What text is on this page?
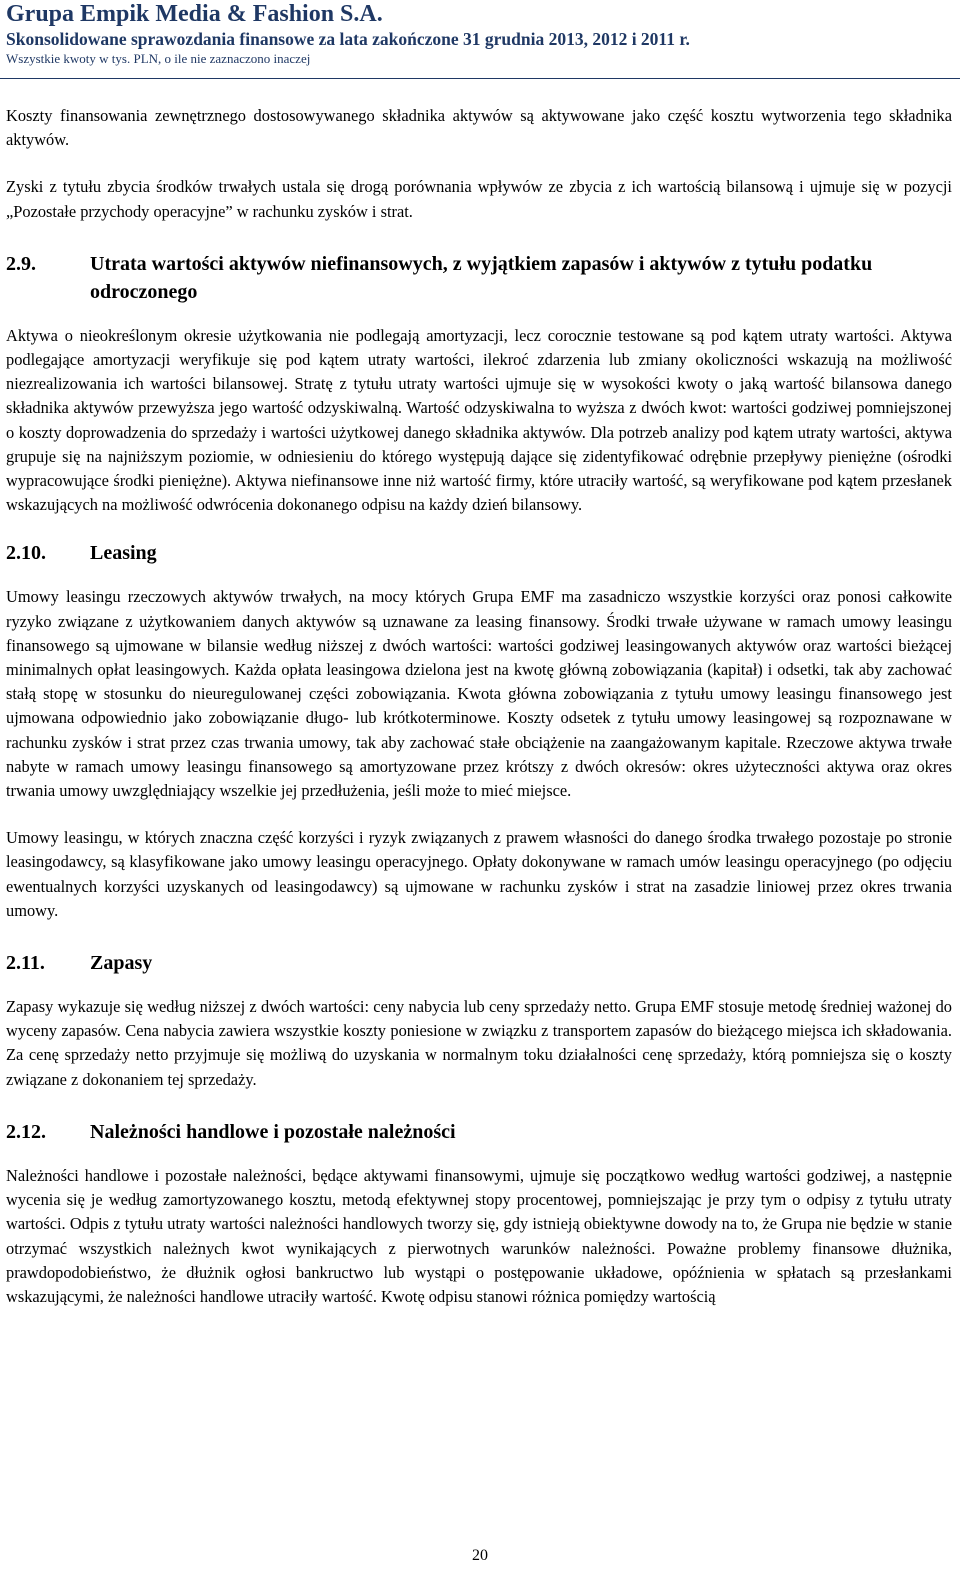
Grupa Empik Media & Fashion S.A.
Skonsolidowane sprawozdania finansowe za lata zakończone 31 grudnia 2013, 2012 i 2011 r.
Wszystkie kwoty w tys. PLN, o ile nie zaznaczono inaczej

Koszty finansowania zewnętrznego dostosowywanego składnika aktywów są aktywowane jako część kosztu wytworzenia tego składnika aktywów.

Zyski z tytułu zbycia środków trwałych ustala się drogą porównania wpływów ze zbycia z ich wartością bilansową i ujmuje się w pozycji „Pozostałe przychody operacyjne” w rachunku zysków i strat.

2.9.	Utrata wartości aktywów niefinansowych, z wyjątkiem zapasów i aktywów z tytułu podatku odroczonego

Aktywa o nieokreślonym okresie użytkowania nie podlegają amortyzacji, lecz corocznie testowane są pod kątem utraty wartości. Aktywa podlegające amortyzacji weryfikuje się pod kątem utraty wartości, ilekroć zdarzenia lub zmiany okoliczności wskazują na możliwość niezrealizowania ich wartości bilansowej. Stratę z tytułu utraty wartości ujmuje się w wysokości kwoty o jaką wartość bilansowa danego składnika aktywów przewyższa jego wartość odzyskiwalną. Wartość odzyskiwalna to wyższa z dwóch kwot: wartości godziwej pomniejszonej o koszty doprowadzenia do sprzedaży i wartości użytkowej danego składnika aktywów. Dla potrzeb analizy pod kątem utraty wartości, aktywa grupuje się na najniższym poziomie, w odniesieniu do którego występują dające się zidentyfikować odrębnie przepływy pieniężne (ośrodki wypracowujące środki pieniężne). Aktywa niefinansowe inne niż wartość firmy, które utraciły wartość, są weryfikowane pod kątem przesłanek wskazujących na możliwość odwrócenia dokonanego odpisu na każdy dzień bilansowy.

2.10.	Leasing

Umowy leasingu rzeczowych aktywów trwałych, na mocy których Grupa EMF ma zasadniczo wszystkie korzyści oraz ponosi całkowite ryzyko związane z użytkowaniem danych aktywów są uznawane za leasing finansowy. Środki trwałe używane w ramach umowy leasingu finansowego są ujmowane w bilansie według niższej z dwóch wartości: wartości godziwej leasingowanych aktywów oraz wartości bieżącej minimalnych opłat leasingowych. Każda opłata leasingowa dzielona jest na kwotę główną zobowiązania (kapitał) i odsetki, tak aby zachować stałą stopę w stosunku do nieuregulowanej części zobowiązania. Kwota główna zobowiązania z tytułu umowy leasingu finansowego jest ujmowana odpowiednio jako zobowiązanie długo- lub krótkoterminowe. Koszty odsetek z tytułu umowy leasingowej są rozpoznawane w rachunku zysków i strat przez czas trwania umowy, tak aby zachować stałe obciążenie na zaangażowanym kapitale. Rzeczowe aktywa trwałe nabyte w ramach umowy leasingu finansowego są amortyzowane przez krótszy z dwóch okresów: okres użyteczności aktywa oraz okres trwania umowy uwzględniający wszelkie jej przedłużenia, jeśli może to mieć miejsce.

Umowy leasingu, w których znaczna część korzyści i ryzyk związanych z prawem własności do danego środka trwałego pozostaje po stronie leasingodawcy, są klasyfikowane jako umowy leasingu operacyjnego. Opłaty dokonywane w ramach umów leasingu operacyjnego (po odjęciu ewentualnych korzyści uzyskanych od leasingodawcy) są ujmowane w rachunku zysków i strat na zasadzie liniowej przez okres trwania umowy.

2.11.	Zapasy

Zapasy wykazuje się według niższej z dwóch wartości: ceny nabycia lub ceny sprzedaży netto. Grupa EMF stosuje metodę średniej ważonej do wyceny zapasów. Cena nabycia zawiera wszystkie koszty poniesione w związku z transportem zapasów do bieżącego miejsca ich składowania. Za cenę sprzedaży netto przyjmuje się możliwą do uzyskania w normalnym toku działalności cenę sprzedaży, którą pomniejsza się o koszty związane z dokonaniem tej sprzedaży.

2.12.	Należności handlowe i pozostałe należności

Należności handlowe i pozostałe należności, będące aktywami finansowymi, ujmuje się początkowo według wartości godziwej, a następnie wycenia się je według zamortyzowanego kosztu, metodą efektywnej stopy procentowej, pomniejszając je przy tym o odpisy z tytułu utraty wartości. Odpis z tytułu utraty wartości należności handlowych tworzy się, gdy istnieją obiektywne dowody na to, że Grupa nie będzie w stanie otrzymać wszystkich należnych kwot wynikających z pierwotnych warunków należności. Poważne problemy finansowe dłużnika, prawdopodobieństwo, że dłużnik ogłosi bankructwo lub wystąpi o postępowanie układowe, opóźnienia w spłatach są przesłankami wskazującymi, że należności handlowe utraciły wartość. Kwotę odpisu stanowi różnica pomiędzy wartością

20
